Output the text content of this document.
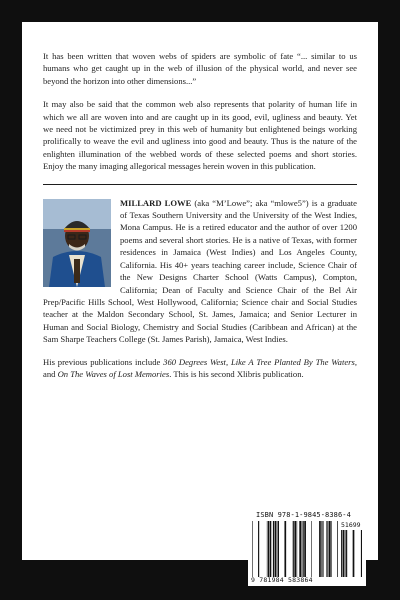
It has been written that woven webs of spiders are symbolic of fate “... similar to us humans who get caught up in the web of illusion of the physical world, and never see beyond the horizon into other dimensions...”

It may also be said that the common web also represents that polarity of human life in which we all are woven into and are caught up in its good, evil, ugliness and beauty. Yet we need not be victimized prey in this web of humanity but enlightened beings working prolifically to weave the evil and ugliness into good and beauty. Thus is the nature of the enlighten illumination of the webbed words of these selected poems and short stories. Enjoy the many imaging allegorical messages herein woven in this publication.

MILLARD LOWE (aka “M’Lowe”; aka “mlowe5”) is a graduate of Texas Southern University and the University of the West Indies, Mona Campus. He is a retired educator and the author of over 1200 poems and several short stories. He is a native of Texas, with former residences in Jamaica (West Indies) and Los Angeles County, California. His 40+ years teaching career include, Science Chair of the New Designs Charter School (Watts Campus), Compton, California; Dean of Faculty and Science Chair of the Bel Air Prep/Pacific Hills School, West Hollywood, California; Science chair and Social Studies teacher at the Maldon Secondary School, St. James, Jamaica; and Senior Lecturer in Human and Social Biology, Chemistry and Social Studies (Caribbean and African) at the Sam Sharpe Teachers College (St. James Parish), Jamaica, West Indies.

His previous publications include 360 Degrees West, Like A Tree Planted By The Waters, and On The Waves of Lost Memories. This is his second Xlibris publication.

Xlibris
ISBN 978-1-9845-8386-4
51699
9 781984 583864
